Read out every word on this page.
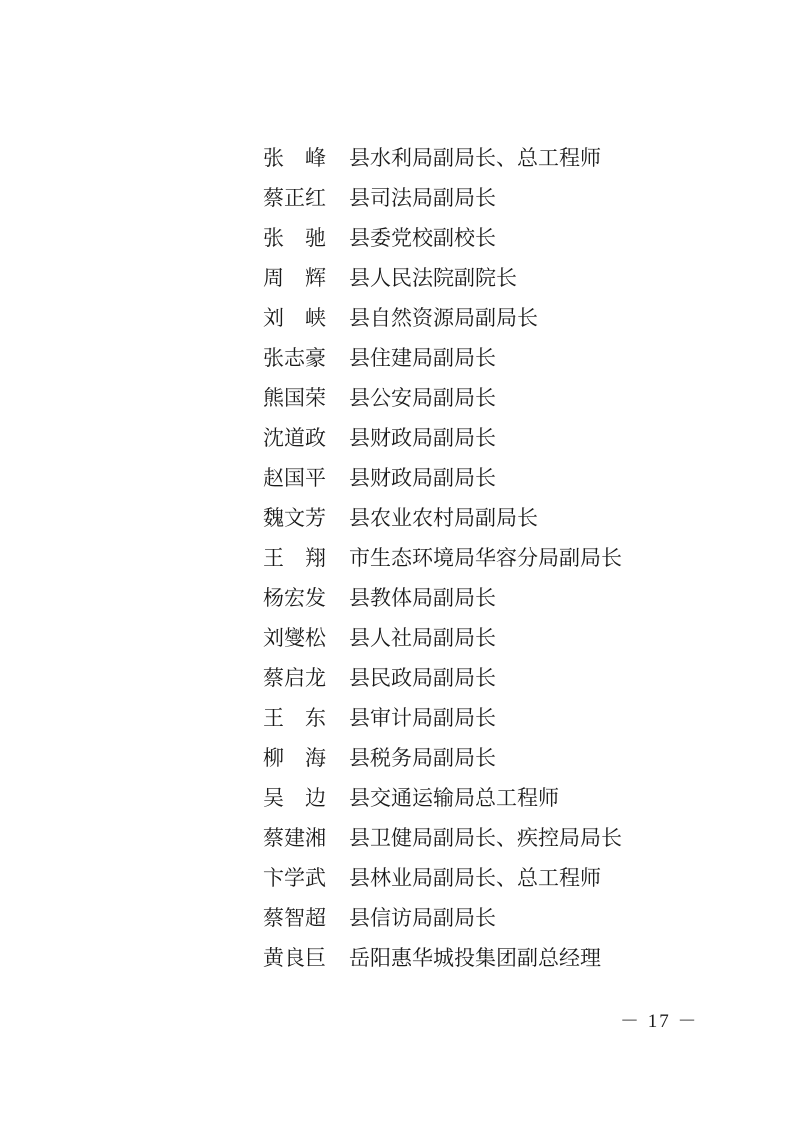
张　峰	县水利局副局长、总工程师
蔡正红	县司法局副局长
张　驰	县委党校副校长
周　辉	县人民法院副院长
刘　峡	县自然资源局副局长
张志豪	县住建局副局长
熊国荣	县公安局副局长
沈道政	县财政局副局长
赵国平	县财政局副局长
魏文芳	县农业农村局副局长
王　翔	市生态环境局华容分局副局长
杨宏发	县教体局副局长
刘燮松	县人社局副局长
蔡启龙	县民政局副局长
王　东	县审计局副局长
柳　海	县税务局副局长
吴　边	县交通运输局总工程师
蔡建湘	县卫健局副局长、疾控局局长
卞学武	县林业局副局长、总工程师
蔡智超	县信访局副局长
黄良巨	岳阳惠华城投集团副总经理
－ 17 －
